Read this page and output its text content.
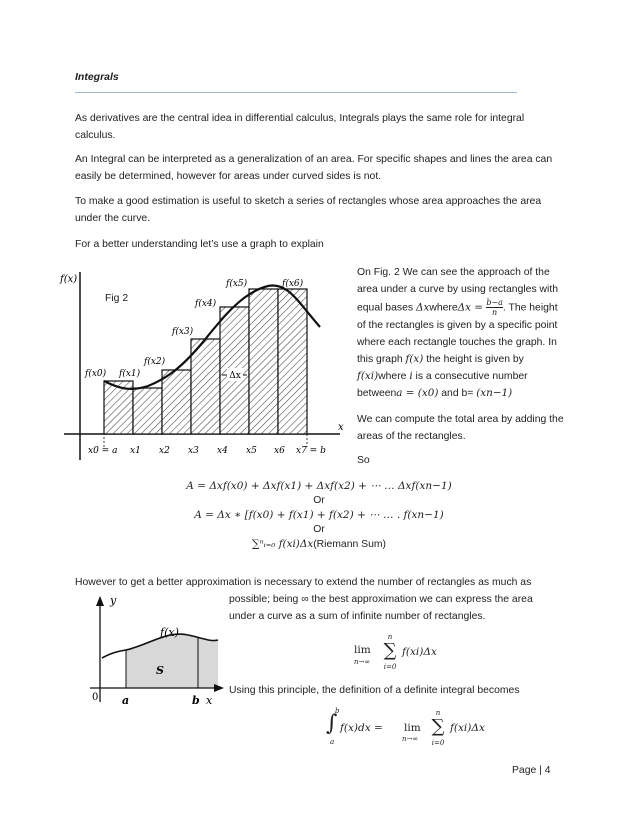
Integrals
As derivatives are the central idea in differential calculus, Integrals plays the same role for integral calculus.
An Integral can be interpreted as a generalization of an area. For specific shapes and lines the area can easily be determined, however for areas under curved sides is not.
To make a good estimation is useful to sketch a series of rectangles whose area approaches the area under the curve.
For a better understanding let’s use a graph to explain
Δx
f(x)
x
f(x0) f(x1)
f(x2)
f(x3)
f(x4)
f(x5)	f(x6)
x0 = a x1 x2 x3 x4 x5 x6 x7 = b
Fig 2
On Fig. 2 We can see the approach of the area under a curve by using rectangles with equal bases ΔxwhereΔx = $\frac{b-a}{n}$ . The height of the rectangles is given by a specific point where each rectangle touches the graph. In this graph f(x) the height is given by f(xi)where i is a consecutive number betweena = (x0) and b= (xn−1)
We can compute the total area by adding the areas of the rectangles.
So
A = Δxf(x0) + Δxf(x1) + Δxf(x2) + ⋯ … Δxf(xn−1)
Or
A = Δx ∗ [f(x0) + f(x1) + f(x2) + ⋯ … . f(xn−1)
Or
∑ⁿᵢ₌₀ f(xi)Δx(Riemann Sum)
However to get a better approximation is necessary to extend the number of rectangles as much as
possible; being ∞ the best approximation we can express the area under a curve as a sum of infinite number of rectangles.
y
f(x)
S
0 a	b x
lim
n→∞
n
∑
i=0
f(xi)Δx
Using this principle, the definition of a definite integral becomes
b
∫
a
f(x)dx = lim
n→∞
n
∑
i=0
f(xi)Δx
Page | 4
